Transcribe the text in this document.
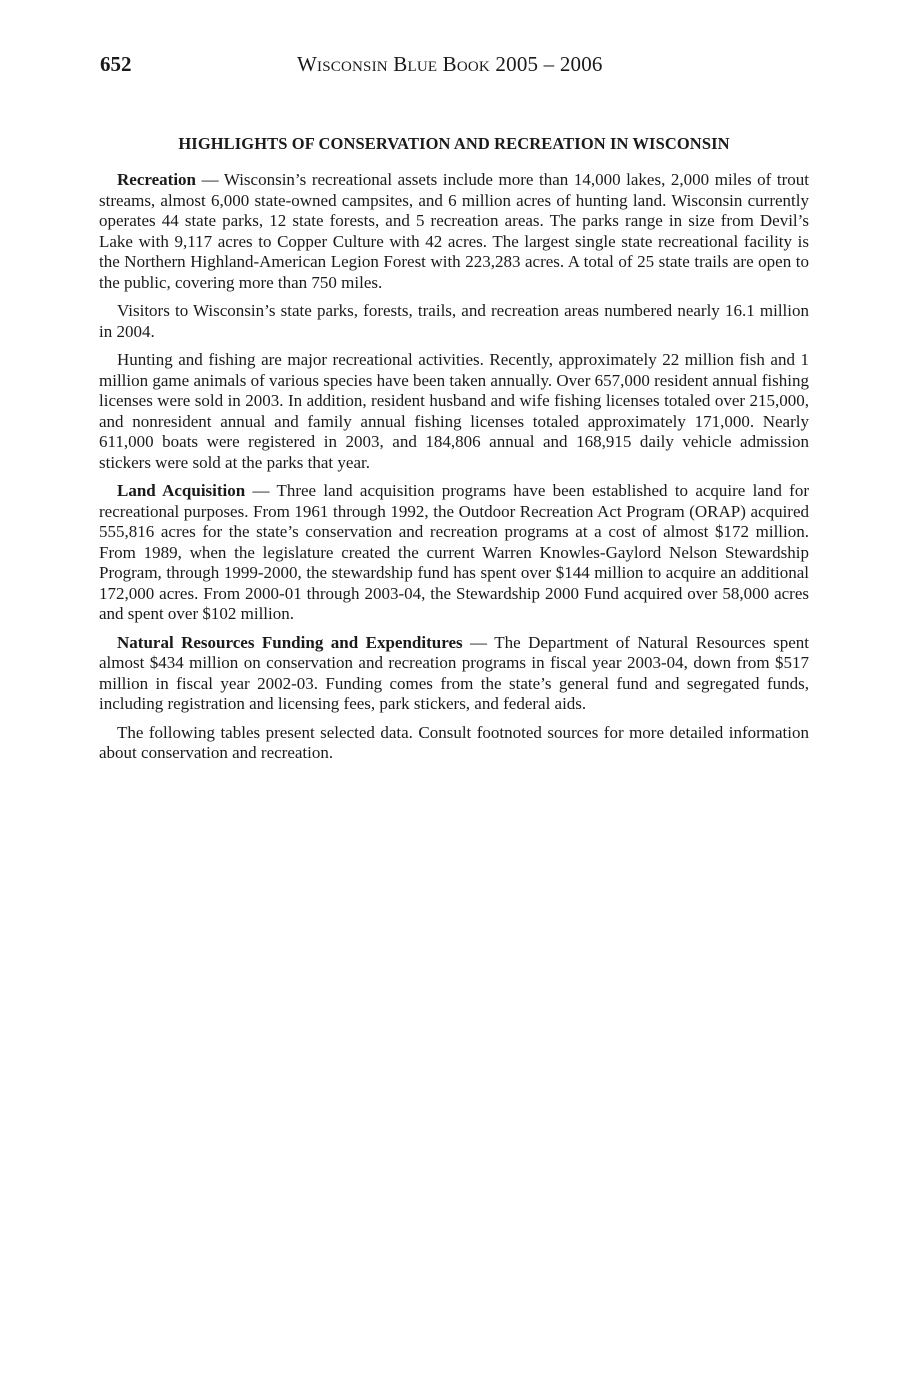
652	Wisconsin Blue Book 2005 – 2006
HIGHLIGHTS OF CONSERVATION AND RECREATION IN WISCONSIN

Recreation — Wisconsin’s recreational assets include more than 14,000 lakes, 2,000 miles of trout streams, almost 6,000 state-owned campsites, and 6 million acres of hunting land. Wisconsin currently operates 44 state parks, 12 state forests, and 5 recreation areas. The parks range in size from Devil’s Lake with 9,117 acres to Copper Culture with 42 acres. The largest single state recreational facility is the Northern Highland-American Legion Forest with 223,283 acres. A total of 25 state trails are open to the public, covering more than 750 miles.

Visitors to Wisconsin’s state parks, forests, trails, and recreation areas numbered nearly 16.1 million in 2004.

Hunting and fishing are major recreational activities. Recently, approximately 22 million fish and 1 million game animals of various species have been taken annually. Over 657,000 resident annual fishing licenses were sold in 2003. In addition, resident husband and wife fishing licenses totaled over 215,000, and nonresident annual and family annual fishing licenses totaled approximately 171,000. Nearly 611,000 boats were registered in 2003, and 184,806 annual and 168,915 daily vehicle admission stickers were sold at the parks that year.

Land Acquisition — Three land acquisition programs have been established to acquire land for recreational purposes. From 1961 through 1992, the Outdoor Recreation Act Program (ORAP) acquired 555,816 acres for the state’s conservation and recreation programs at a cost of almost $172 million. From 1989, when the legislature created the current Warren Knowles-Gaylord Nelson Stewardship Program, through 1999-2000, the stewardship fund has spent over $144 million to acquire an additional 172,000 acres. From 2000-01 through 2003-04, the Stewardship 2000 Fund acquired over 58,000 acres and spent over $102 million.

Natural Resources Funding and Expenditures — The Department of Natural Resources spent almost $434 million on conservation and recreation programs in fiscal year 2003-04, down from $517 million in fiscal year 2002-03. Funding comes from the state’s general fund and segregated funds, including registration and licensing fees, park stickers, and federal aids.

The following tables present selected data. Consult footnoted sources for more detailed information about conservation and recreation.
